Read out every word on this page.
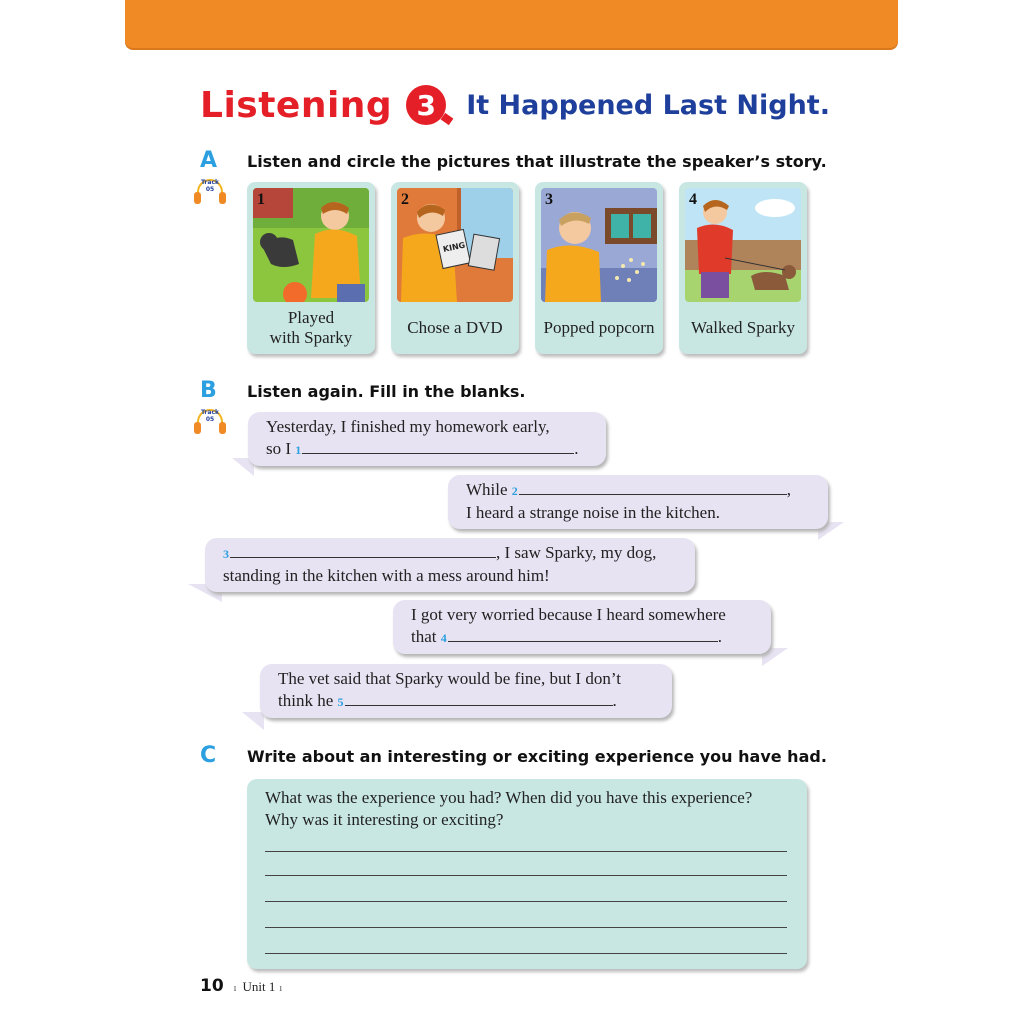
Listening 3	It Happened Last Night.
A Listen and circle the pictures that illustrate the speaker’s story.
Track
05
1
Played
with Sparky
2
KING
Chose a DVD
3
Popped popcorn
4
Walked Sparky
B Listen again. Fill in the blanks.
Track
05	Yesterday, I finished my homework early,
so I 1	.
While 2	,
I heard a strange noise in the kitchen.
3	, I saw Sparky, my dog,
standing in the kitchen with a mess around him!
I got very worried because I heard somewhere
that 4	.
The vet said that Sparky would be fine, but I don’t
think he 5	.
C Write about an interesting or exciting experience you have had.
What was the experience you had? When did you have this experience?
Why was it interesting or exciting?
10 ı Unit 1 ı
